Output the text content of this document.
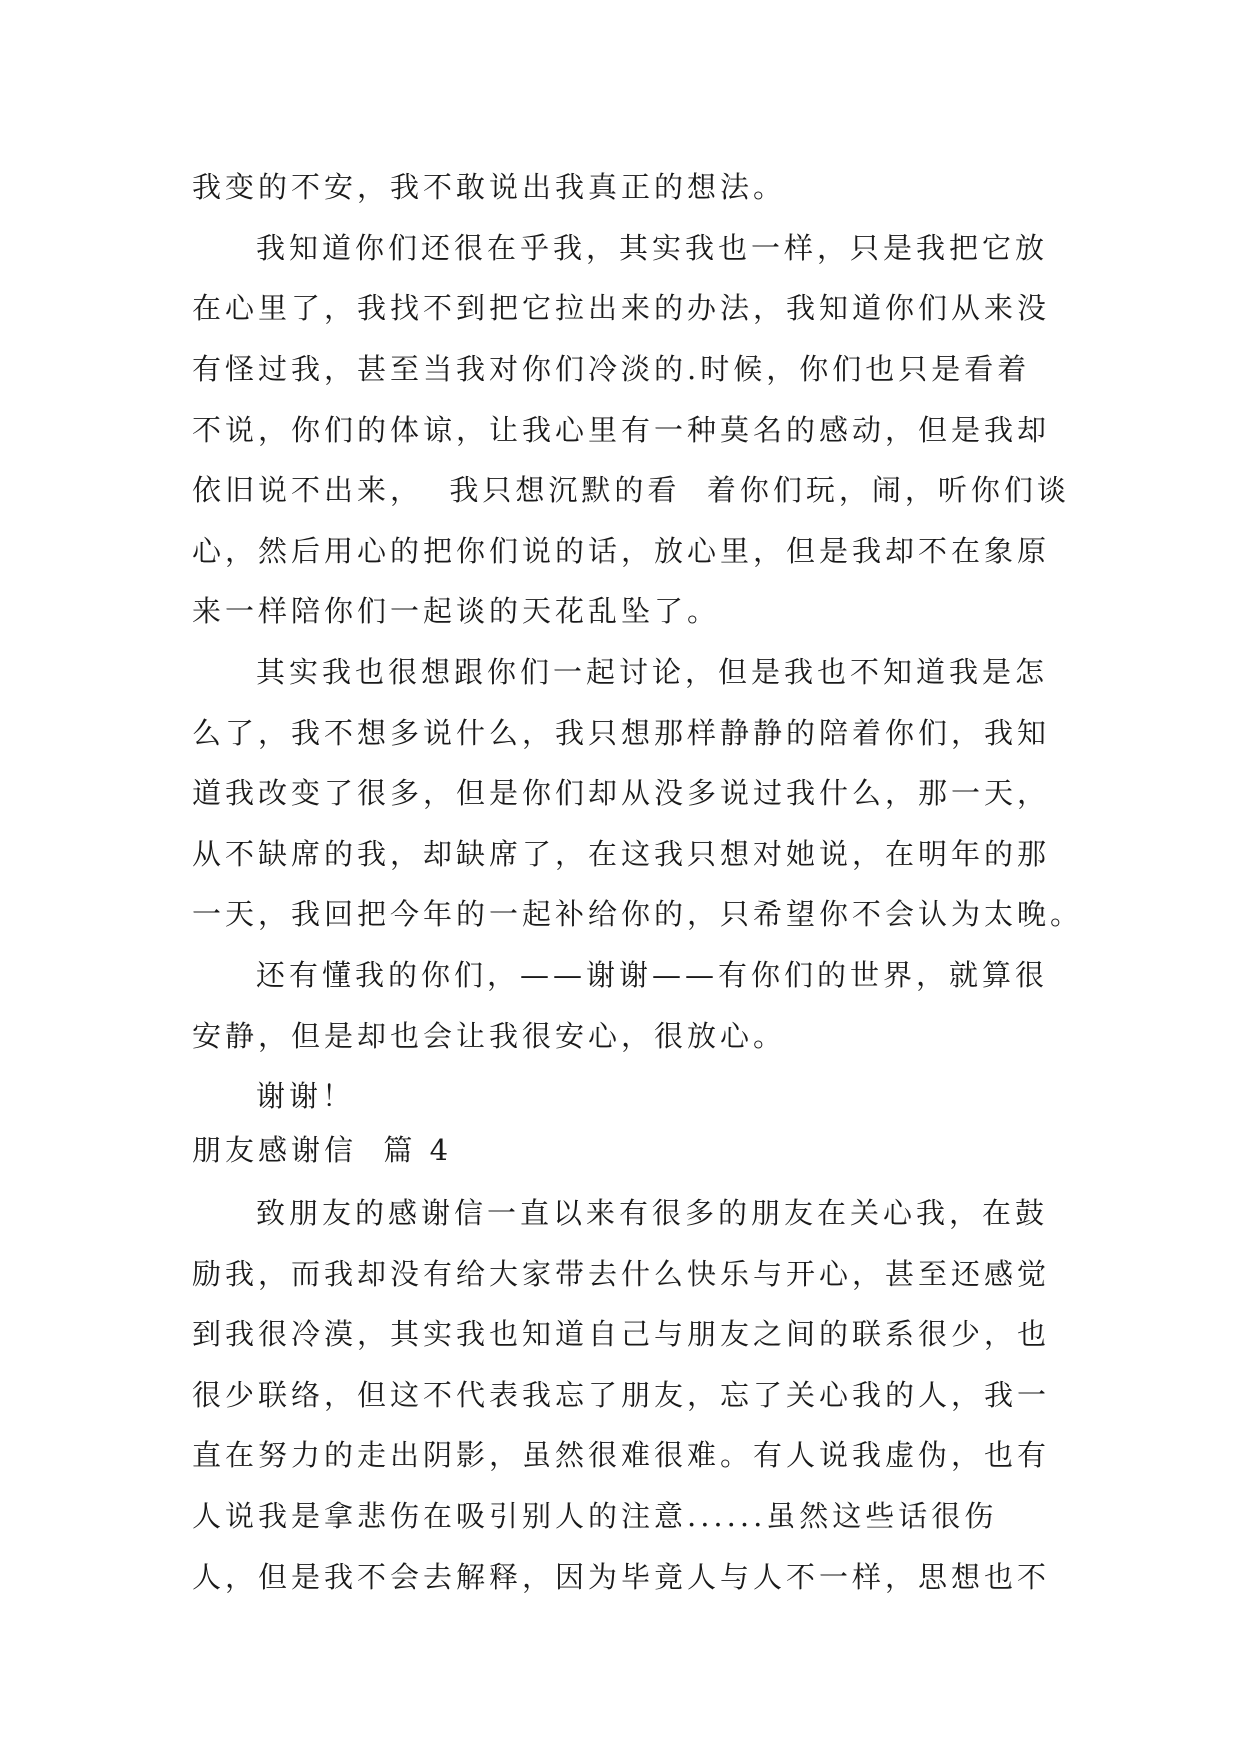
我变的不安，我不敢说出我真正的想法。
我知道你们还很在乎我，其实我也一样，只是我把它放
在心里了，我找不到把它拉出来的办法，我知道你们从来没
有怪过我，甚至当我对你们冷淡的.时候，你们也只是看着
不说，你们的体谅，让我心里有一种莫名的感动，但是我却
依旧说不出来，  我只想沉默的看  着你们玩，闹，听你们谈
心，然后用心的把你们说的话，放心里，但是我却不在象原
来一样陪你们一起谈的天花乱坠了。
其实我也很想跟你们一起讨论，但是我也不知道我是怎
么了，我不想多说什么，我只想那样静静的陪着你们，我知
道我改变了很多，但是你们却从没多说过我什么，那一天，
从不缺席的我，却缺席了，在这我只想对她说，在明年的那
一天，我回把今年的一起补给你的，只希望你不会认为太晚。
还有懂我的你们，——谢谢——有你们的世界，就算很
安静，但是却也会让我很安心，很放心。
谢谢！
朋友感谢信  篇 4
致朋友的感谢信一直以来有很多的朋友在关心我，在鼓
励我，而我却没有给大家带去什么快乐与开心，甚至还感觉
到我很冷漠，其实我也知道自己与朋友之间的联系很少，也
很少联络，但这不代表我忘了朋友，忘了关心我的人，我一
直在努力的走出阴影，虽然很难很难。有人说我虚伪，也有
人说我是拿悲伤在吸引别人的注意......虽然这些话很伤
人，但是我不会去解释，因为毕竟人与人不一样，思想也不
